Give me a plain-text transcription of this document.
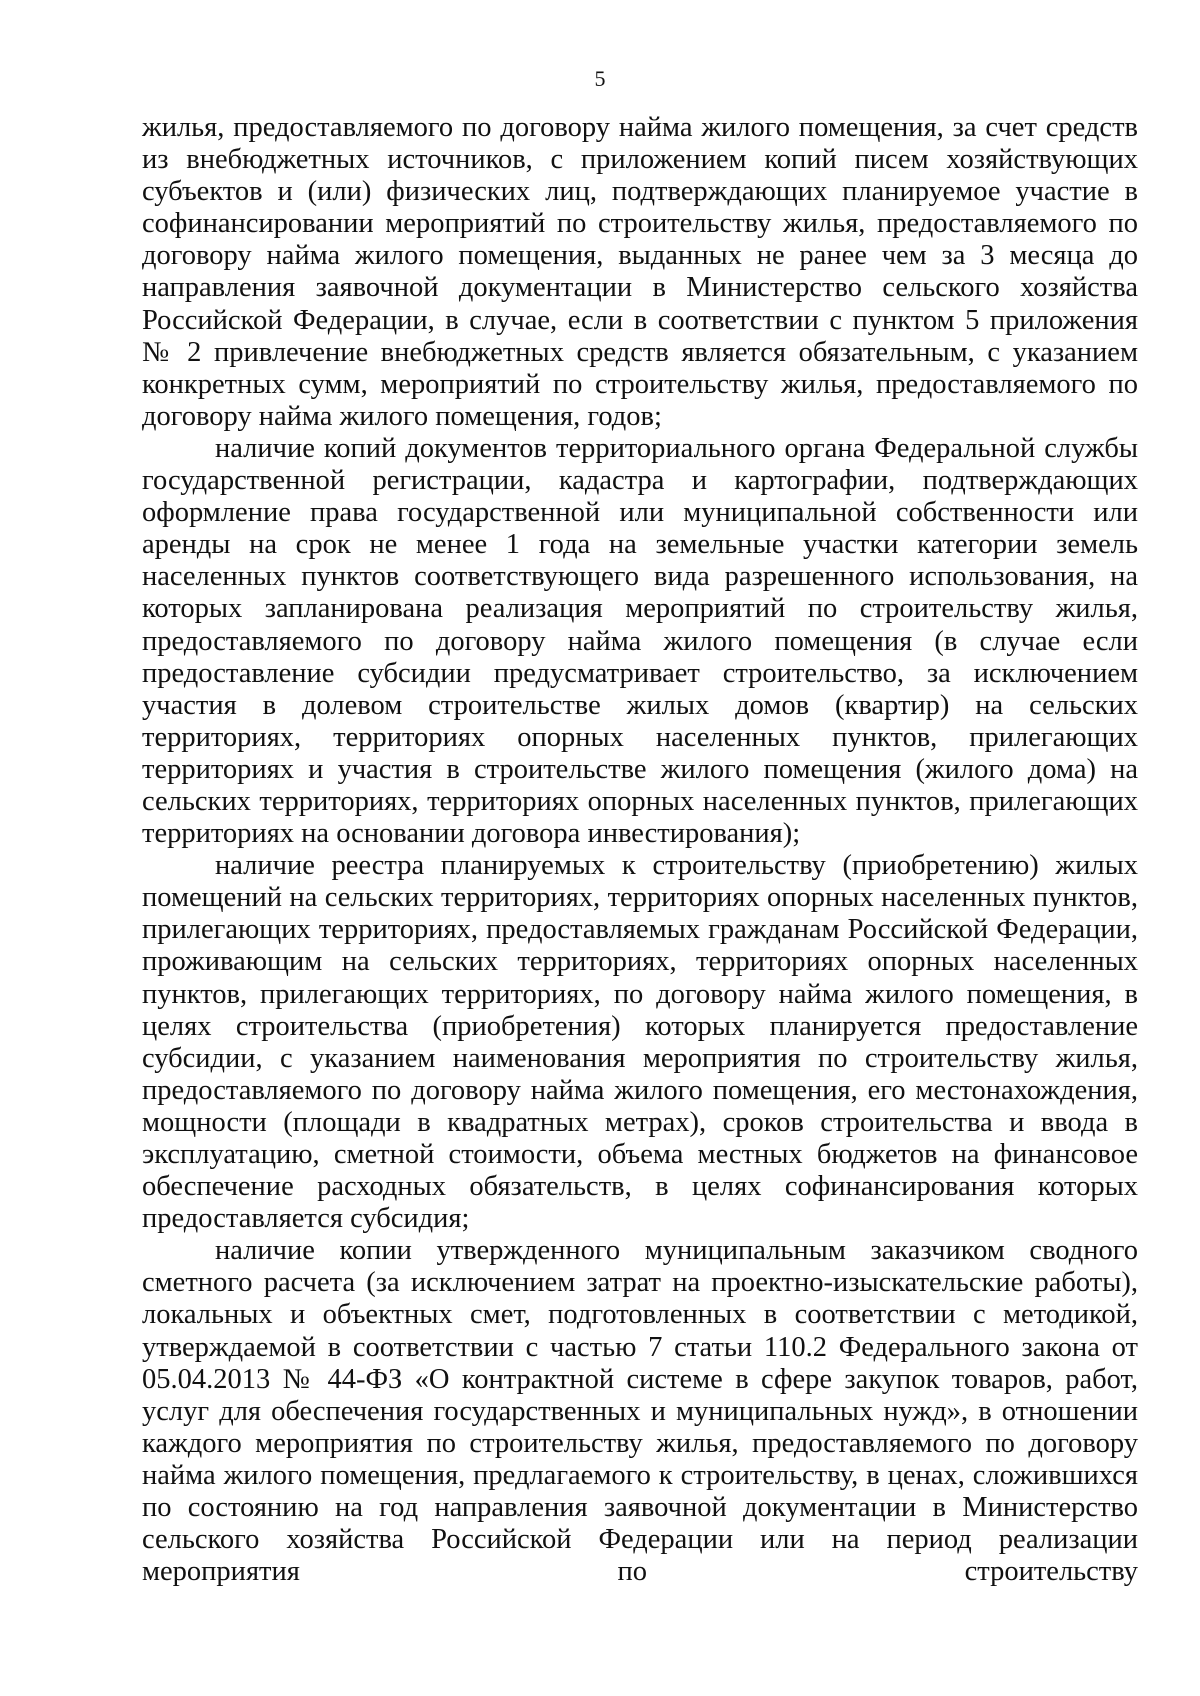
5

жилья, предоставляемого по договору найма жилого помещения, за счет средств из внебюджетных источников, с приложением копий писем хозяйствующих субъектов и (или) физических лиц, подтверждающих планируемое участие в софинансировании мероприятий по строительству жилья, предоставляемого по договору найма жилого помещения, выданных не ранее чем за 3 месяца до направления заявочной документации в Министерство сельского хозяйства Российской Федерации, в случае, если в соответствии с пунктом 5 приложения № 2 привлечение внебюджетных средств является обязательным, с указанием конкретных сумм, мероприятий по строительству жилья, предоставляемого по договору найма жилого помещения, годов;

наличие копий документов территориального органа Федеральной службы государственной регистрации, кадастра и картографии, подтверждающих оформление права государственной или муниципальной собственности или аренды на срок не менее 1 года на земельные участки категории земель населенных пунктов соответствующего вида разрешенного использования, на которых запланирована реализация мероприятий по строительству жилья, предоставляемого по договору найма жилого помещения (в случае если предоставление субсидии предусматривает строительство, за исключением участия в долевом строительстве жилых домов (квартир) на сельских территориях, территориях опорных населенных пунктов, прилегающих территориях и участия в строительстве жилого помещения (жилого дома) на сельских территориях, территориях опорных населенных пунктов, прилегающих территориях на основании договора инвестирования);

наличие реестра планируемых к строительству (приобретению) жилых помещений на сельских территориях, территориях опорных населенных пунктов, прилегающих территориях, предоставляемых гражданам Российской Федерации, проживающим на сельских территориях, территориях опорных населенных пунктов, прилегающих территориях, по договору найма жилого помещения, в целях строительства (приобретения) которых планируется предоставление субсидии, с указанием наименования мероприятия по строительству жилья, предоставляемого по договору найма жилого помещения, его местонахождения, мощности (площади в квадратных метрах), сроков строительства и ввода в эксплуатацию, сметной стоимости, объема местных бюджетов на финансовое обеспечение расходных обязательств, в целях софинансирования которых предоставляется субсидия;

наличие копии утвержденного муниципальным заказчиком сводного сметного расчета (за исключением затрат на проектно-изыскательские работы), локальных и объектных смет, подготовленных в соответствии с методикой, утверждаемой в соответствии с частью 7 статьи 110.2 Федерального закона от 05.04.2013 № 44-ФЗ «О контрактной системе в сфере закупок товаров, работ, услуг для обеспечения государственных и муниципальных нужд», в отношении каждого мероприятия по строительству жилья, предоставляемого по договору найма жилого помещения, предлагаемого к строительству, в ценах, сложившихся по состоянию на год направления заявочной документации в Министерство сельского хозяйства Российской Федерации или на период реализации мероприятия по строительству
